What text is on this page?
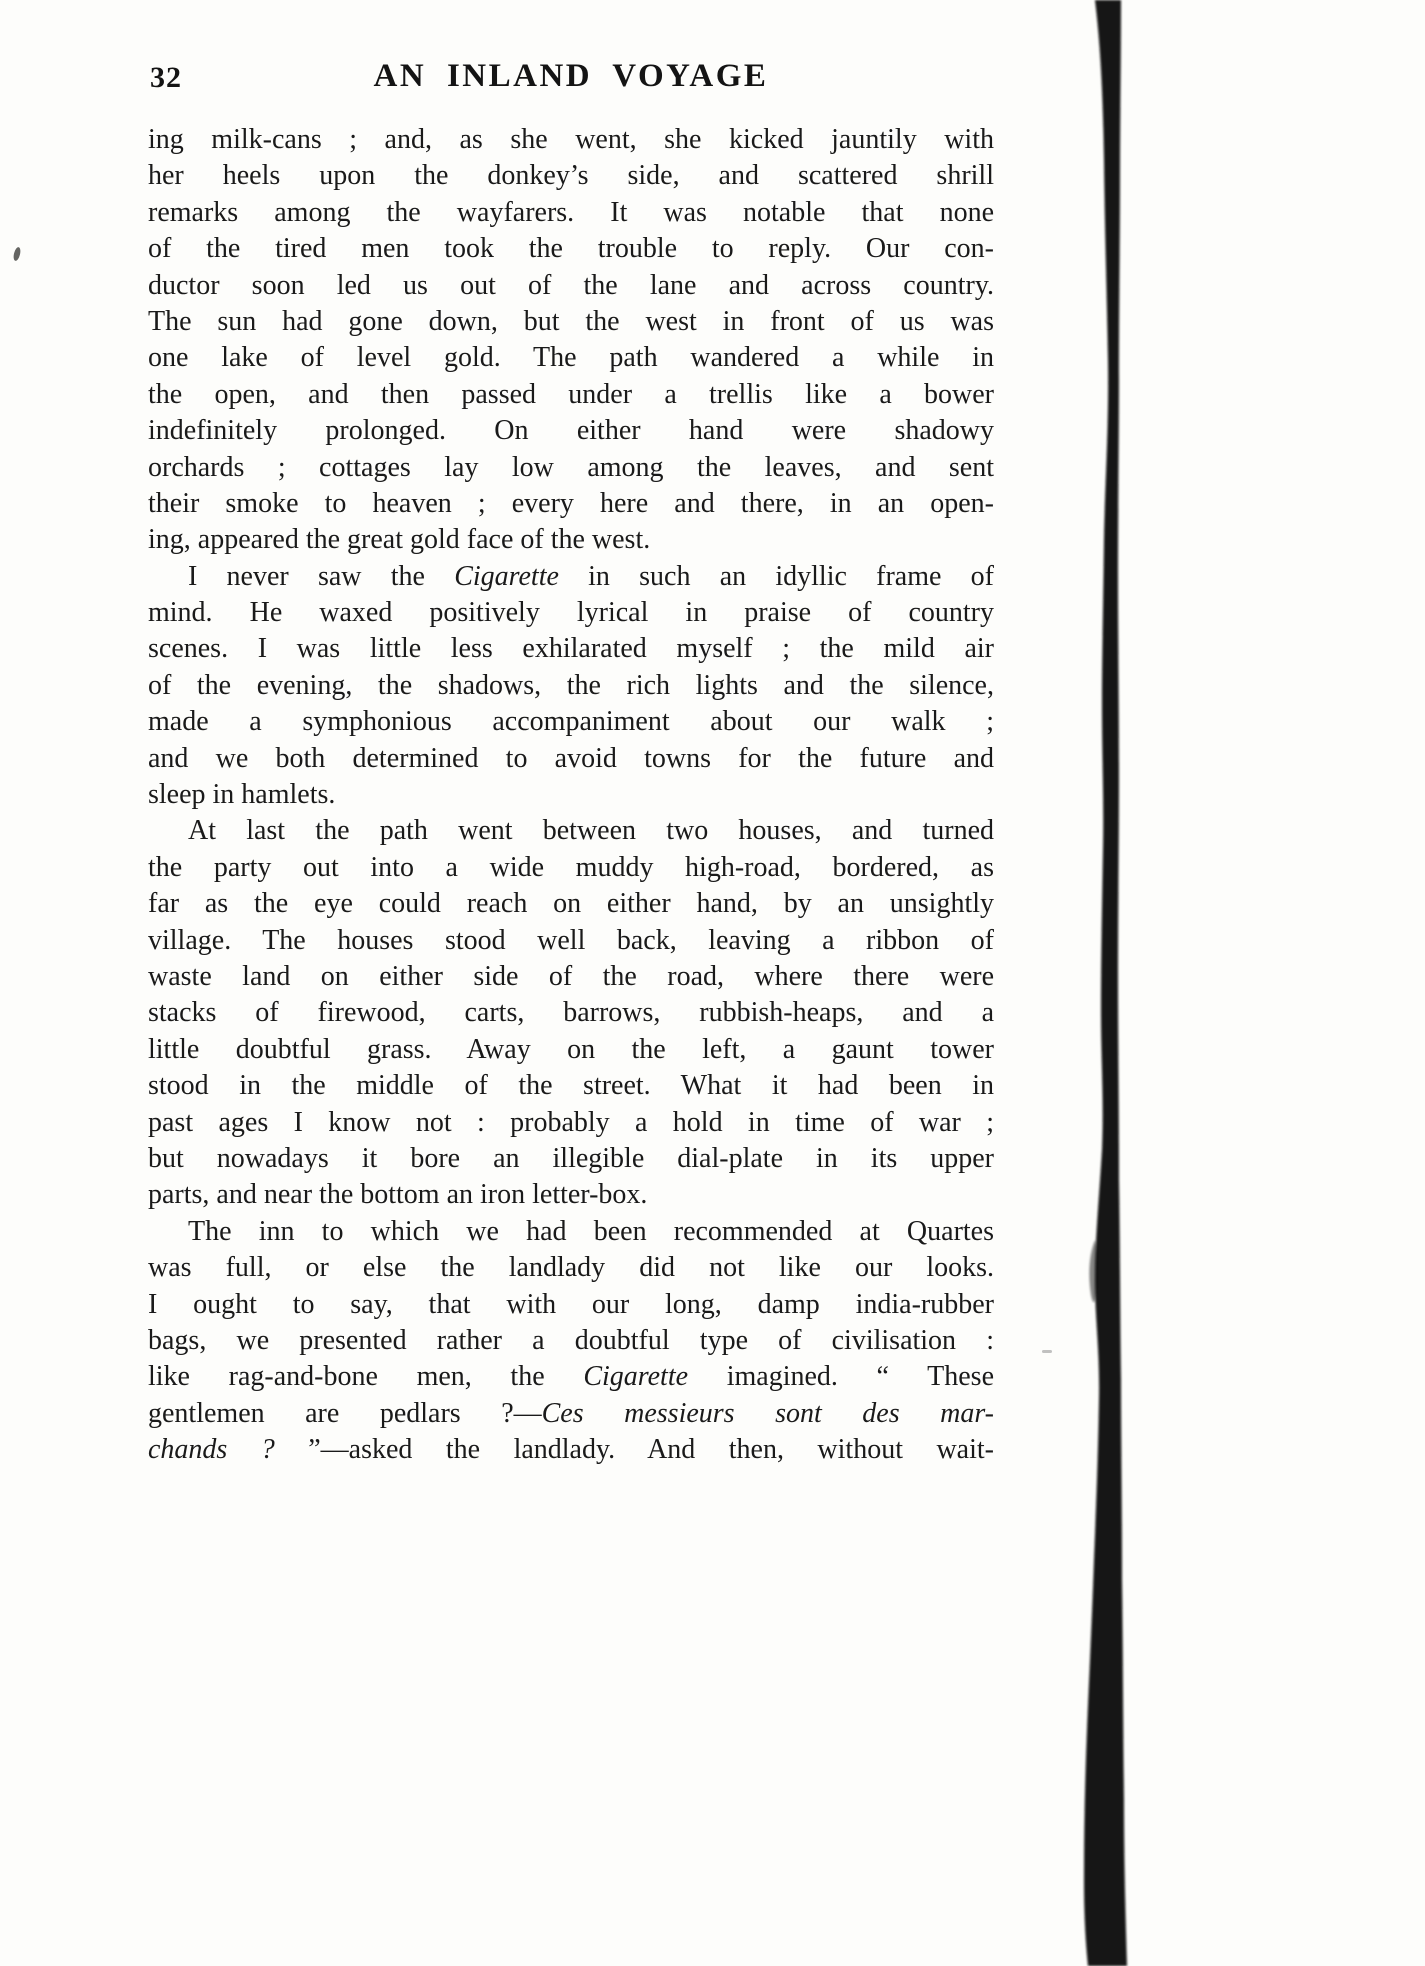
32	AN INLAND VOYAGE
ing milk-cans ; and, as she went, she kicked jauntily with
her heels upon the donkey’s side, and scattered shrill
remarks among the wayfarers. It was notable that none
of the tired men took the trouble to reply. Our con-
ductor soon led us out of the lane and across country.
The sun had gone down, but the west in front of us was
one lake of level gold. The path wandered a while in
the open, and then passed under a trellis like a bower
indefinitely prolonged. On either hand were shadowy
orchards ; cottages lay low among the leaves, and sent
their smoke to heaven ; every here and there, in an open-
ing, appeared the great gold face of the west.
I never saw the Cigarette in such an idyllic frame of
mind. He waxed positively lyrical in praise of country
scenes. I was little less exhilarated myself ; the mild air
of the evening, the shadows, the rich lights and the silence,
made a symphonious accompaniment about our walk ;
and we both determined to avoid towns for the future and
sleep in hamlets.
At last the path went between two houses, and turned
the party out into a wide muddy high-road, bordered, as
far as the eye could reach on either hand, by an unsightly
village. The houses stood well back, leaving a ribbon of
waste land on either side of the road, where there were
stacks of firewood, carts, barrows, rubbish-heaps, and a
little doubtful grass. Away on the left, a gaunt tower
stood in the middle of the street. What it had been in
past ages I know not : probably a hold in time of war ;
but nowadays it bore an illegible dial-plate in its upper
parts, and near the bottom an iron letter-box.
The inn to which we had been recommended at Quartes
was full, or else the landlady did not like our looks.
I ought to say, that with our long, damp india-rubber
bags, we presented rather a doubtful type of civilisation :
like rag-and-bone men, the Cigarette imagined. “ These
gentlemen are pedlars ?—Ces messieurs sont des mar-
chands ? ”—asked the landlady. And then, without wait-
